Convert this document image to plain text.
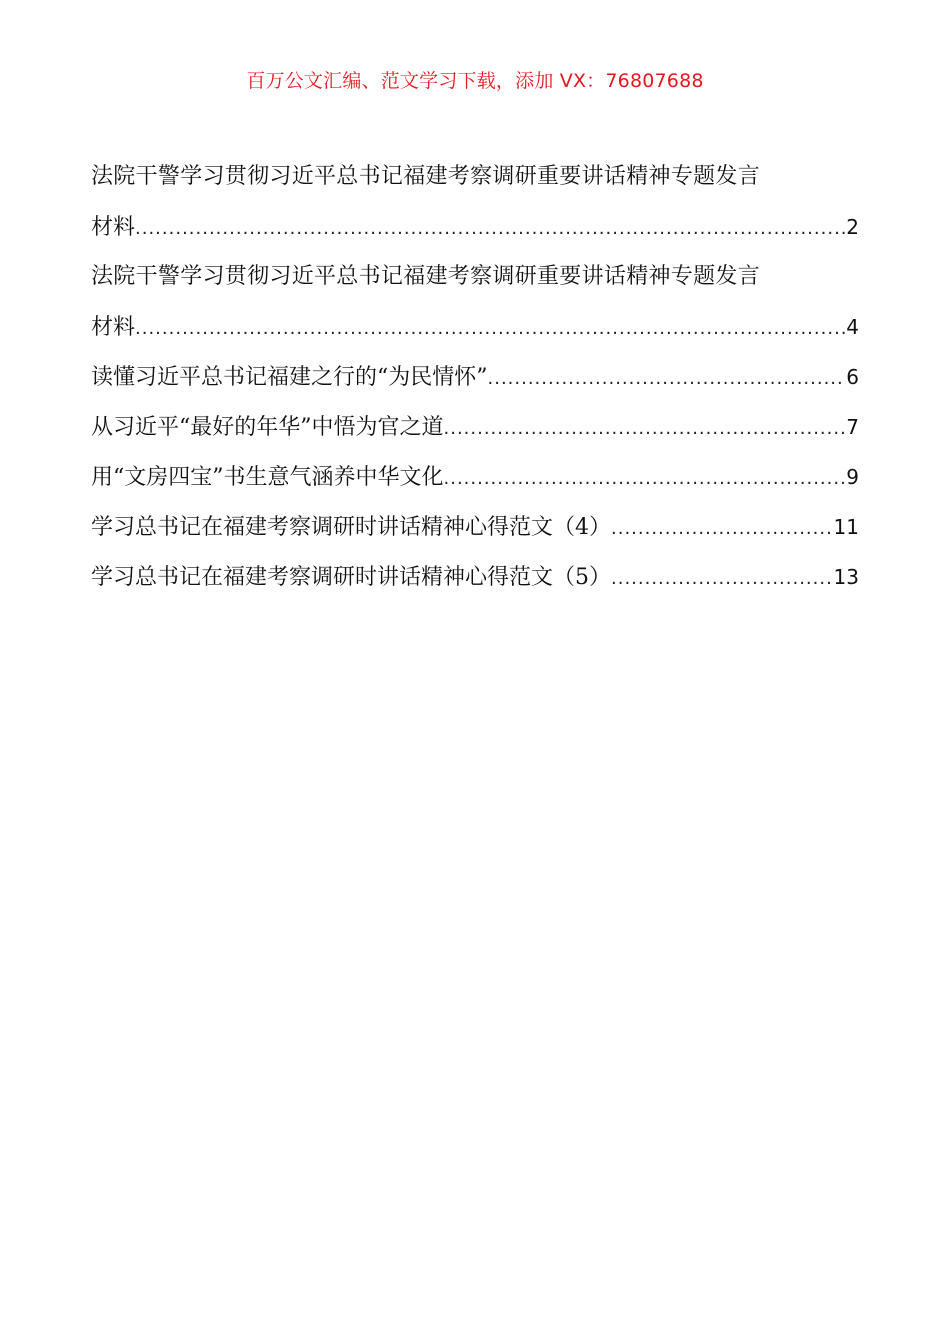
百万公文汇编、范文学习下载，添加 VX：76807688
法院干警学习贯彻习近平总书记福建考察调研重要讲话精神专题发言
材料 .....	2
法院干警学习贯彻习近平总书记福建考察调研重要讲话精神专题发言
材料 .....	4
读懂习近平总书记福建之行的“为民情怀” .....	6
从习近平“最好的年华”中悟为官之道 .....	7
用“文房四宝”书生意气涵养中华文化 .....	9
学习总书记在福建考察调研时讲话精神心得范文（4） .....	11
学习总书记在福建考察调研时讲话精神心得范文（5） .....	13
